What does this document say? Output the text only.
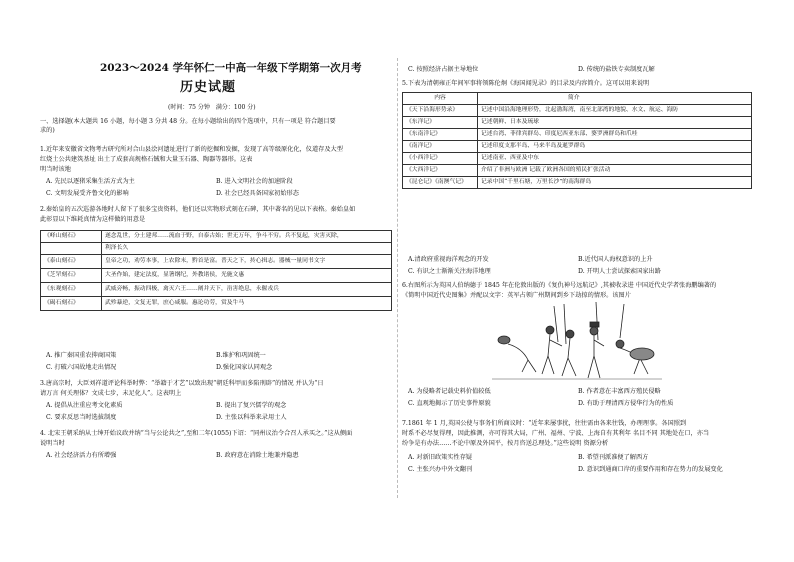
2023～2024 学年怀仁一中高一年级下学期第一次月考
历史试题
(时间：75 分钟　满分：100 分)
一、选择题(本大题共 16 小题，每小题 3 分共 48 分。在每小题给出的四个选项中，只有一项是 符合题目要
求的)
1.近年来安徽省文物考古研究所对合山县浍河遗址进行了新的挖掘和发掘，发现了高等级原化化，仪道存及大型
红烧土公共建筑基址 出土了成套高规格石铖和大量玉石器、陶器等器形。这表
明当时该地
A. 先民以逐猪采集生活方式为主	B. 进入文明社会的加速阶段
C. 文明发展受齐鲁文化的影响	D. 社会已经具备国家初始形态
2.秦始皇的五次巡游各地时人留下了很多宝贵资料，他们还以实物形式刻在石碑，其中著名的见以下表格。秦始皇如
此彰显以下维耗真情为这样做的用意是
《峄山刻石》	遂念乱世，分土建邦……流血于野，自泰古始；世无万年，争斗不穷。兵不复起，灾害灭除，
	利泽长久
《泰山刻石》	皇帝之功，劝劳本事，上农除末，黔首是富。普天之下，抟心揖志。器械一量同书文字
《芝罘刻石》	大圣作始，建定法度，显箸纲纪，外教诸侯，光施文惠
《东观刻石》	武威旁畅，振动四极，禽灭六王……阐并天下，甾害绝息，永偃戎兵
《碣石刻石》	武殄暴逆，文复无罪，庶心咸服。惠论功劳，赏及牛马
A. 推广秦国重农抑商国策	B.维护和巩固统一
C. 打破六国故地走出情况	D.强化国家认同观念
3.唐高宗时，大臣刘祥道评论科举时弊：“举籍于才艺”以致出现“朝廷科甲而多陷刑辟”的情况 并认为“日
请万言 何关理体？文成七步，未足化人”。这表明上
A. 提倡从注重应考文化素质	B. 提出了复兴儒学的观念
C. 要求反思当时选拔制度	D. 主张以科举来录用士人
4. 北宋王朝采纳从士绅开始议政并纳“当与公论共之”,至和二年(1055)下诏：“同州议治令合召人承买之。”这从侧面
说明当时
A. 社会经济活力有所增强	B. 政府意在消除土地兼并隐患
C. 按照经济占据主导地位	D. 传统的盐铁专卖制度瓦解
5.下表为清朝雍正年间军事将领陈伦炯《海国闻见录》的目录及内容简介。这可以用来说明
内容	简介
《天下沿海形势录》	记述中国沿海地理形势，北起渤海湾，南至北部湾的地貌、水文、航运、海防
《东洋记》	记述朝鲜、日本及琉球
《东南洋记》	记述台湾、菲律宾群岛、印度尼西亚东部、婆罗洲群岛和爪哇
《南洋记》	记述印度支那半岛、马来半岛及暹罗群岛
《小西洋记》	记述南亚、西亚及中东
《大西洋记》	介绍了非洲与欧洲 记载了欧洲各国的殖民扩张活动
《昆仑记》《南澳气记》	记录中国“千里石塘，万里长沙”的南海群岛
A.清政府重视海洋观念的开发	B.近代国人海权意识的上升
C. 有识之士渐渐关注海洋地理	D. 开明人士尝试探索国家出路
6.右图所示为英国人伯纳德于 1845 年在伦敦出版的《复仇神号远航记》,其被收录进 中国近代史学者张海鹏编著的
《简明中国近代史图集》并配以文字：英军占领广州期间到乡下劫掠的情形。该图片
A. 为侵略者记载史料价值较低	B. 作者意在丰富西方殖民侵略
C. 直观地揭示了历史事件原貌	D. 有助于理清西方侵华行为的性质
7.1861 年 1 月,英国公使与事务们所商议时：“近年来屡事扰，往往需由各来往钱，办理理事。各国照到
时系不必尽复得理，因此推测，亦可得其大局，广州、福州、宁波、上海自有其利年 名目不同 其地处在口，亦当
纷争是有办法……不论中原及外国平，按月咨送总理处。”这些说明 资源分析
A. 对新旧政策实性存疑	B. 希望刊派准便了解西方
C. 主张兴办中外文翻刊	D. 意识到通商口岸的重要作用和存在势力的发展变化
